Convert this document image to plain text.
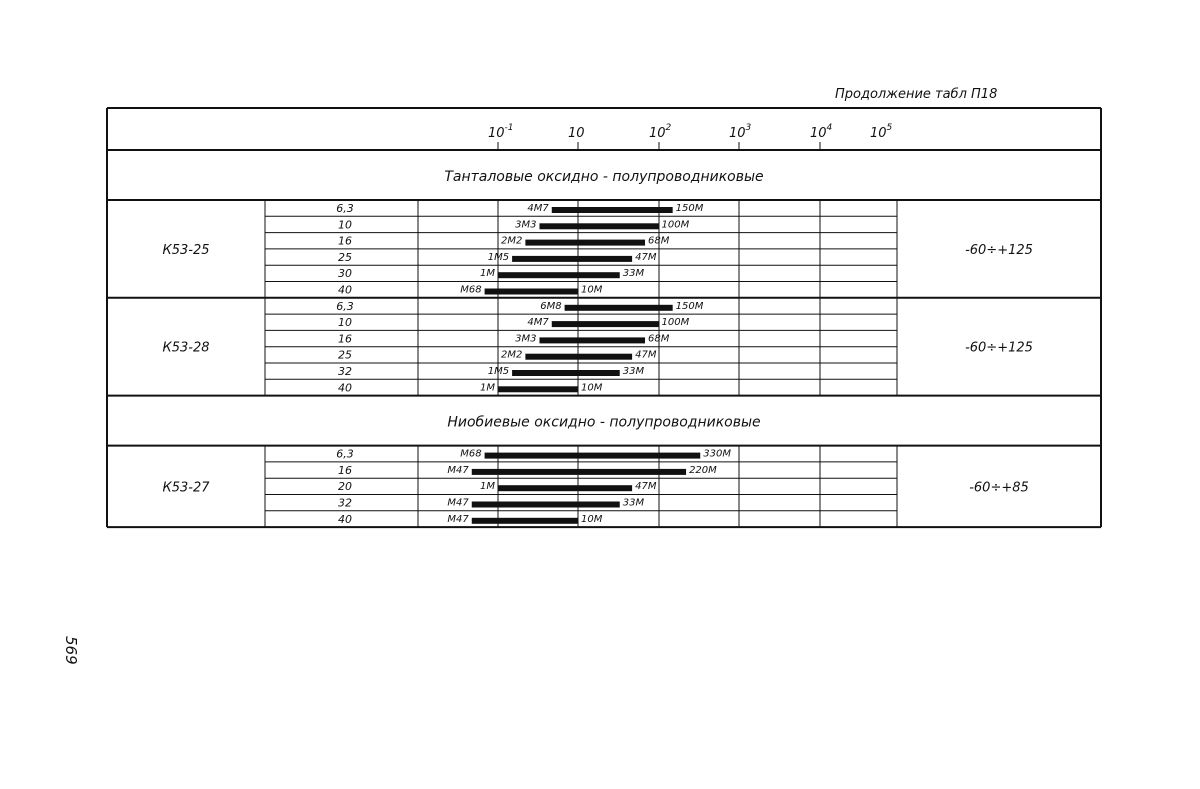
Продолжение табл П18
569
$10^{-1}$	10	$10^2$	$10^3$	$10^4$	$10^5$
Танталовые оксидно - полупроводниковые
К53-25	-60÷+125
6,3	4М7	150М
10	3М3	100М
16	2М2	68М
25	1М5	47М
30	1М	33М
40	М68	10М
К53-28	-60÷+125
6,3	6М8	150М
10	4М7	100М
16	3М3	68М
25	2М2	47М
32	1М5	33М
40	1М	10М
Ниобиевые оксидно - полупроводниковые
К53-27	-60÷+85
6,3	М68	330М
16	М47	220М
20	1М	47М
32	М47	33М
40	М47	10М
